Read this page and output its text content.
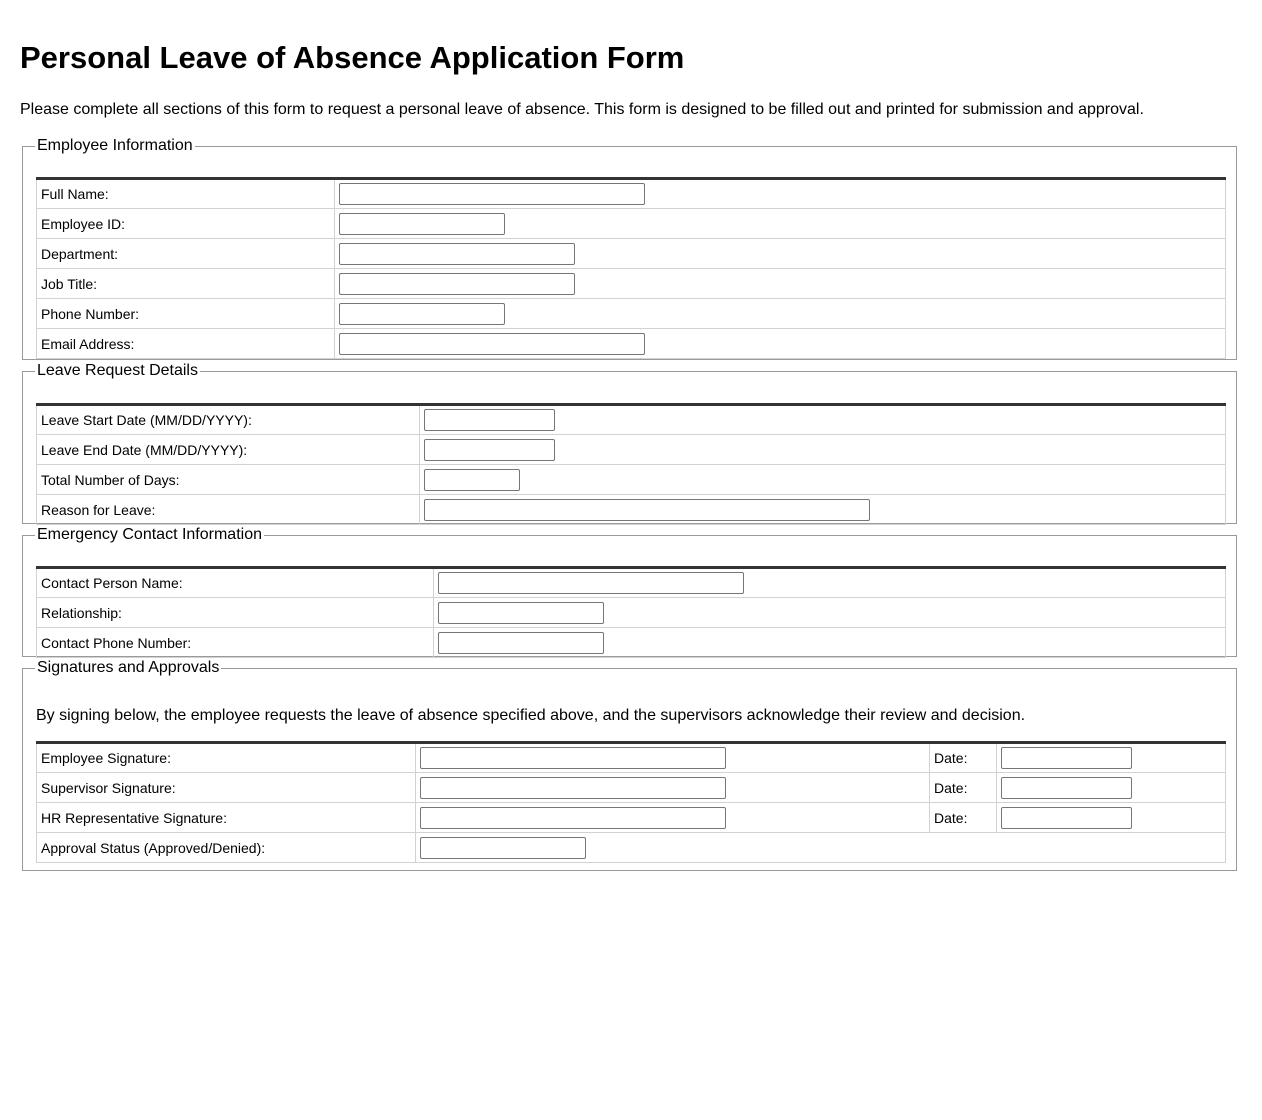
Personal Leave of Absence Application Form
Please complete all sections of this form to request a personal leave of absence. This form is designed to be filled out and printed for submission and approval.
Employee Information
Full Name:	

Employee ID:	

Department:	

Job Title:	

Phone Number:	

Email Address:	
Leave Request Details
Leave Start Date (MM/DD/YYYY):	

Leave End Date (MM/DD/YYYY):	

Total Number of Days:	

Reason for Leave:	
Emergency Contact Information
Contact Person Name:	

Relationship:	

Contact Phone Number:	
Signatures and Approvals
By signing below, the employee requests the leave of absence specified above, and the supervisors acknowledge their review and decision.
Employee Signature:		Date:	

Supervisor Signature:		Date:	

HR Representative Signature:		Date:	

Approval Status (Approved/Denied):	
